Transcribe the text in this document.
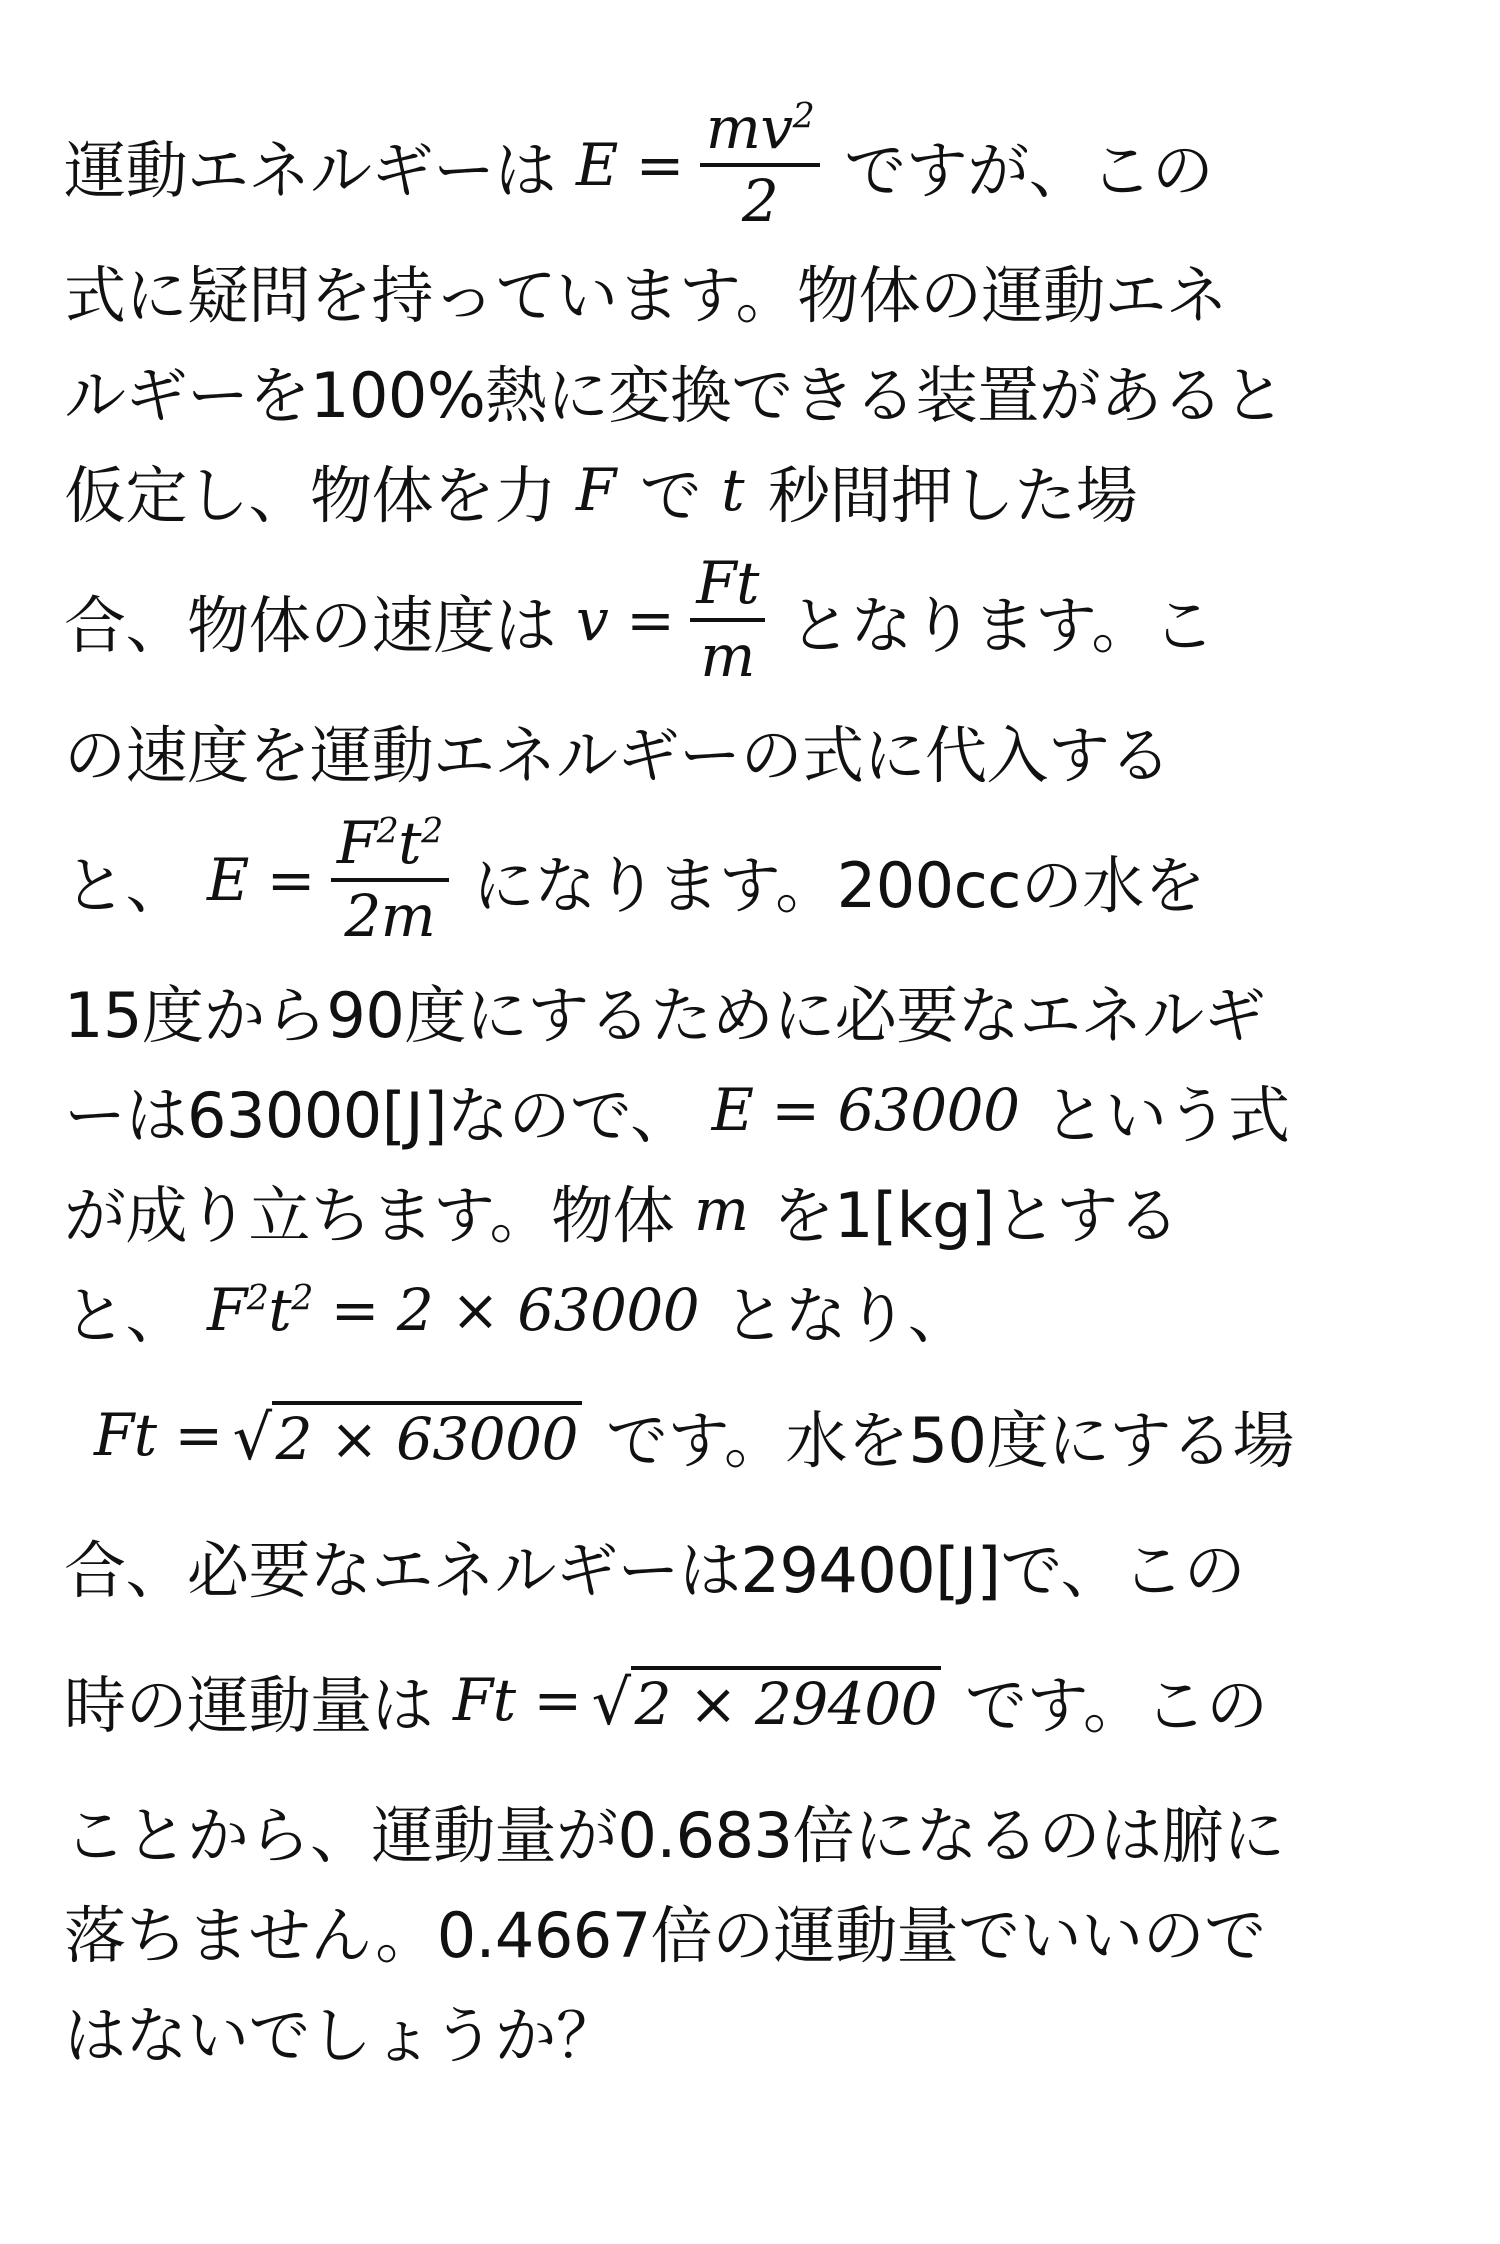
運動エネルギーは $E = \frac{mv^2}{2}$ ですが、この
式に疑問を持っています。物体の運動エネ
ルギーを100%熱に変換できる装置があると
仮定し、物体を力 F で t 秒間押した場
合、物体の速度は $v = \frac{Ft}{m}$ となります。こ
の速度を運動エネルギーの式に代入する
と、 $E = \frac{F^2t^2}{2m}$ になります。200ccの水を
15度から90度にするために必要なエネルギ
ーは63000[J]なので、 E = 63000 という式
が成り立ちます。物体 m を1[kg]とする
と、 $F^2t^2 = 2 \times 63000$ となり、
Ft = √ 2 × 63000 です。水を50度にする場
合、必要なエネルギーは29400[J]で、この
時の運動量は Ft = √ 2 × 29400 です。この
ことから、運動量が0.683倍になるのは腑に
落ちません。0.4667倍の運動量でいいので
はないでしょうか？
